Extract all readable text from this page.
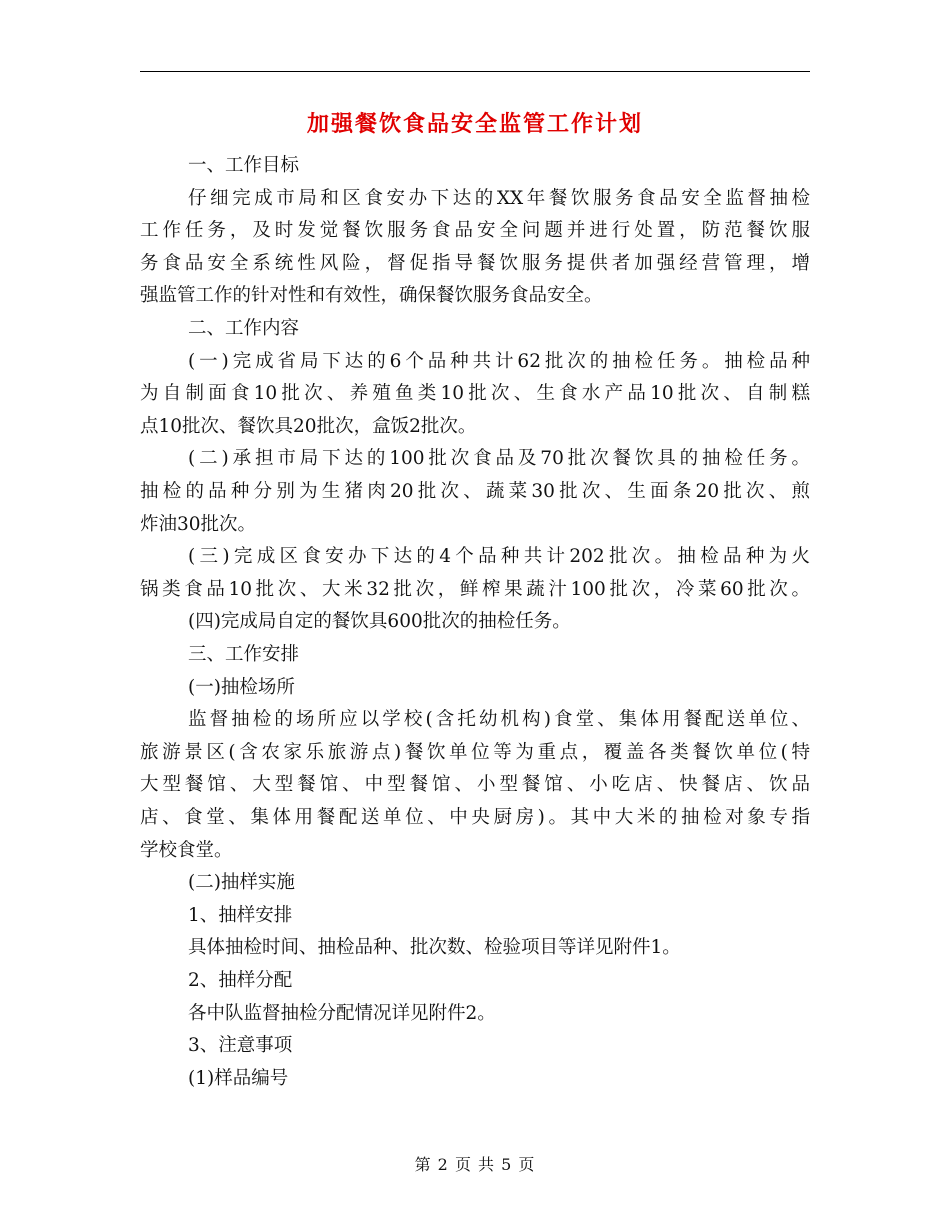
加强餐饮食品安全监管工作计划
一、工作目标
仔细完成市局和区食安办下达的XX年餐饮服务食品安全监督抽检
工作任务，及时发觉餐饮服务食品安全问题并进行处置，防范餐饮服
务食品安全系统性风险，督促指导餐饮服务提供者加强经营管理，增
强监管工作的针对性和有效性，确保餐饮服务食品安全。
二、工作内容
(一)完成省局下达的6个品种共计62批次的抽检任务。抽检品种
为自制面食10批次、养殖鱼类10批次、生食水产品10批次、自制糕
点10批次、餐饮具20批次，盒饭2批次。
(二)承担市局下达的100批次食品及70批次餐饮具的抽检任务。
抽检的品种分别为生猪肉20批次、蔬菜30批次、生面条20批次、煎
炸油30批次。
(三)完成区食安办下达的4个品种共计202批次。抽检品种为火
锅类食品10批次、大米32批次，鲜榨果蔬汁100批次，冷菜60批次。
(四)完成局自定的餐饮具600批次的抽检任务。
三、工作安排
(一)抽检场所
监督抽检的场所应以学校(含托幼机构)食堂、集体用餐配送单位、
旅游景区(含农家乐旅游点)餐饮单位等为重点，覆盖各类餐饮单位(特
大型餐馆、大型餐馆、中型餐馆、小型餐馆、小吃店、快餐店、饮品
店、食堂、集体用餐配送单位、中央厨房)。其中大米的抽检对象专指
学校食堂。
(二)抽样实施
1、抽样安排
具体抽检时间、抽检品种、批次数、检验项目等详见附件1。
2、抽样分配
各中队监督抽检分配情况详见附件2。
3、注意事项
(1)样品编号
第 2 页 共 5 页
